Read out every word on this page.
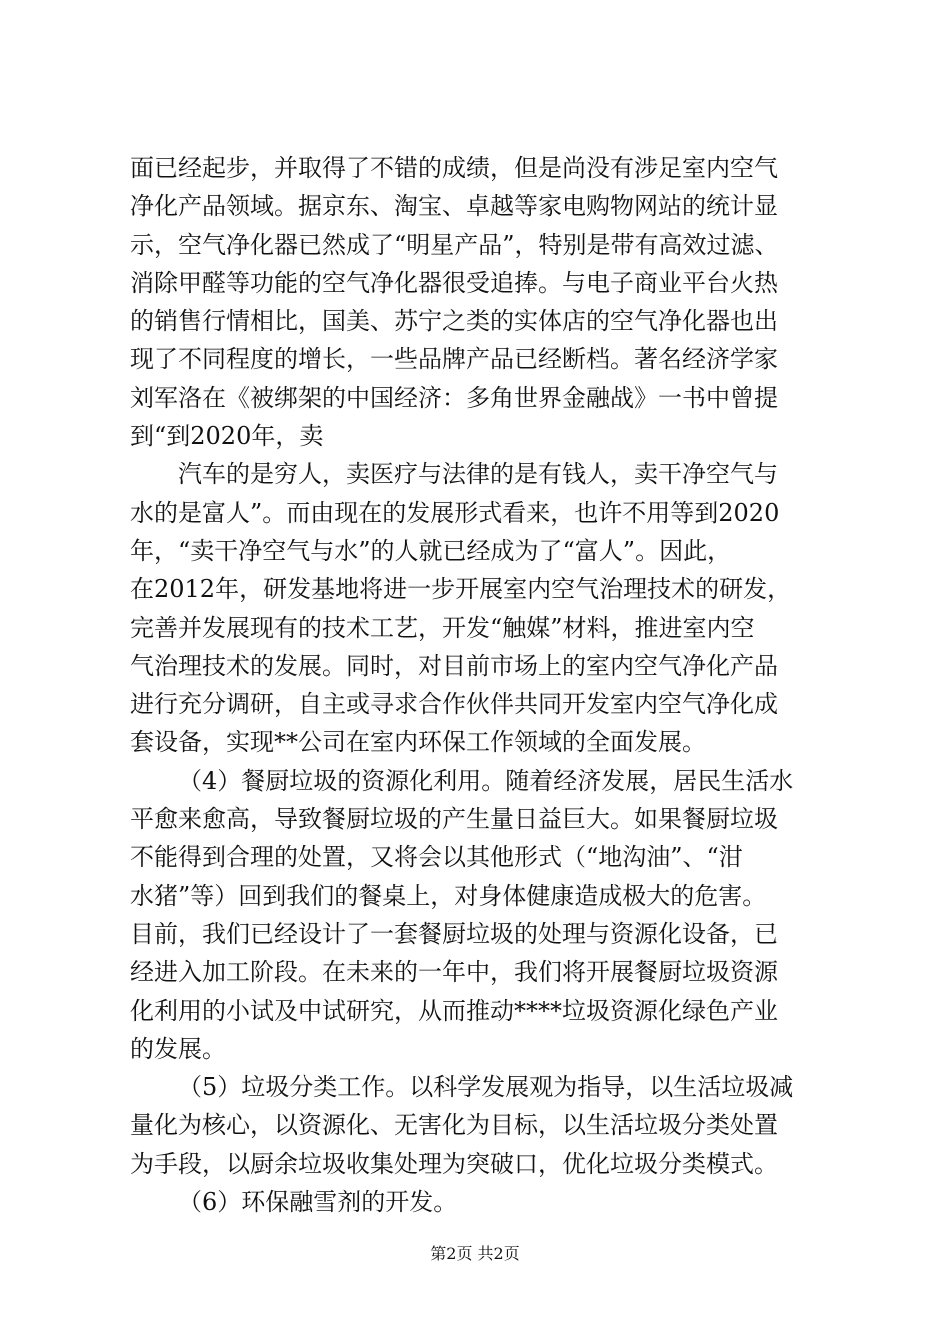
面已经起步，并取得了不错的成绩，但是尚没有涉足室内空气
净化产品领域。据京东、淘宝、卓越等家电购物网站的统计显
示，空气净化器已然成了“明星产品”，特别是带有高效过滤、
消除甲醛等功能的空气净化器很受追捧。与电子商业平台火热
的销售行情相比，国美、苏宁之类的实体店的空气净化器也出
现了不同程度的增长，一些品牌产品已经断档。著名经济学家
刘军洛在《被绑架的中国经济：多角世界金融战》一书中曾提
到“到2020年，卖
汽车的是穷人，卖医疗与法律的是有钱人，卖干净空气与
水的是富人”。而由现在的发展形式看来，也许不用等到2020
年，“卖干净空气与水”的人就已经成为了“富人”。因此，
在2012年，研发基地将进一步开展室内空气治理技术的研发，
完善并发展现有的技术工艺，开发“触媒”材料，推进室内空
气治理技术的发展。同时，对目前市场上的室内空气净化产品
进行充分调研，自主或寻求合作伙伴共同开发室内空气净化成
套设备，实现**公司在室内环保工作领域的全面发展。
（4）餐厨垃圾的资源化利用。随着经济发展，居民生活水
平愈来愈高，导致餐厨垃圾的产生量日益巨大。如果餐厨垃圾
不能得到合理的处置，又将会以其他形式（“地沟油”、“泔
水猪”等）回到我们的餐桌上，对身体健康造成极大的危害。
目前，我们已经设计了一套餐厨垃圾的处理与资源化设备，已
经进入加工阶段。在未来的一年中，我们将开展餐厨垃圾资源
化利用的小试及中试研究，从而推动****垃圾资源化绿色产业
的发展。
（5）垃圾分类工作。以科学发展观为指导，以生活垃圾减
量化为核心，以资源化、无害化为目标，以生活垃圾分类处置
为手段，以厨余垃圾收集处理为突破口，优化垃圾分类模式。
（6）环保融雪剂的开发。
第2页 共2页
